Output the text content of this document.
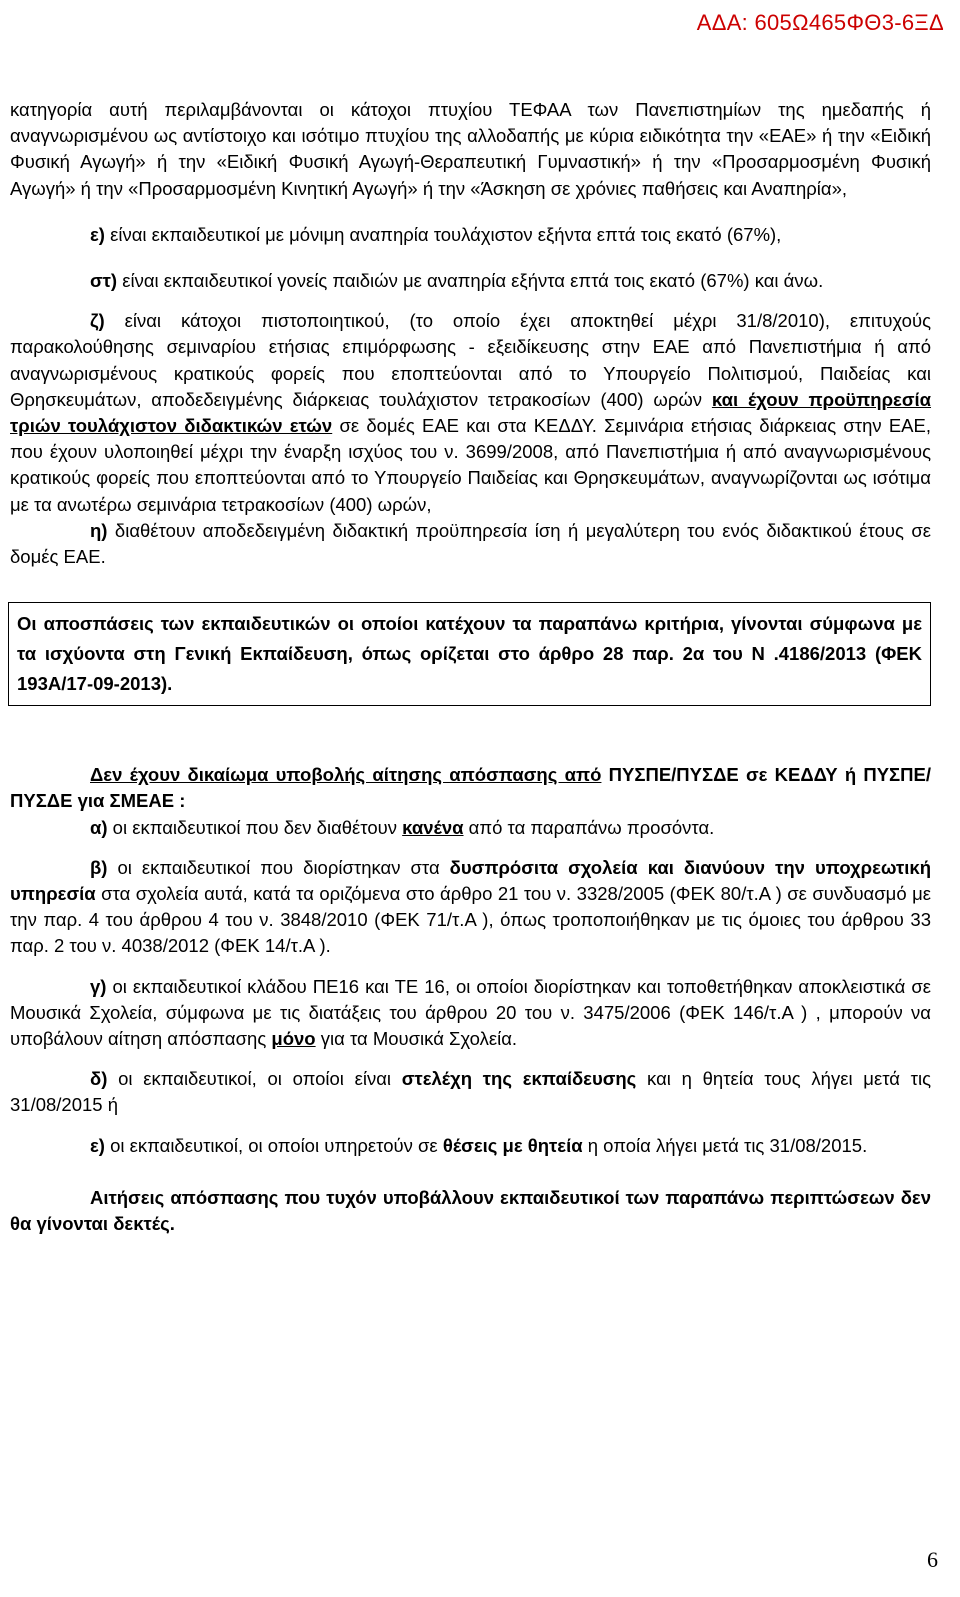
ΑΔΑ: 605Ω465ΦΘ3-6ΞΔ

κατηγορία αυτή περιλαμβάνονται οι κάτοχοι πτυχίου ΤΕΦΑΑ των Πανεπιστημίων της ημεδαπής ή αναγνωρισμένου ως αντίστοιχο και ισότιμο πτυχίου της αλλοδαπής με κύρια ειδικότητα την «ΕΑΕ» ή την «Ειδική Φυσική Αγωγή» ή την «Ειδική Φυσική Αγωγή-Θεραπευτική Γυμναστική» ή την «Προσαρμοσμένη Φυσική Αγωγή» ή την «Προσαρμοσμένη Κινητική Αγωγή» ή την «Άσκηση σε χρόνιες παθήσεις και Αναπηρία»,

ε) είναι εκπαιδευτικοί με μόνιμη αναπηρία τουλάχιστον εξήντα επτά τοις εκατό (67%),

στ) είναι εκπαιδευτικοί γονείς παιδιών με αναπηρία εξήντα επτά τοις εκατό (67%) και άνω.

ζ) είναι κάτοχοι πιστοποιητικού, (το οποίο έχει αποκτηθεί μέχρι 31/8/2010), επιτυχούς παρακολούθησης σεμιναρίου ετήσιας επιμόρφωσης - εξειδίκευσης στην ΕΑΕ από Πανεπιστήμια ή από αναγνωρισμένους κρατικούς φορείς που εποπτεύονται από το Υπουργείο Πολιτισμού, Παιδείας και Θρησκευμάτων, αποδεδειγμένης διάρκειας τουλάχιστον τετρακοσίων (400) ωρών και έχουν προϋπηρεσία τριών τουλάχιστον διδακτικών ετών σε δομές ΕΑΕ και στα ΚΕΔΔΥ. Σεμινάρια ετήσιας διάρκειας στην ΕΑΕ, που έχουν υλοποιηθεί μέχρι την έναρξη ισχύος του ν. 3699/2008, από Πανεπιστήμια ή από αναγνωρισμένους κρατικούς φορείς που εποπτεύονται από το Υπουργείο Παιδείας και Θρησκευμάτων, αναγνωρίζονται ως ισότιμα με τα ανωτέρω σεμινάρια τετρακοσίων (400) ωρών,

η) διαθέτουν αποδεδειγμένη διδακτική προϋπηρεσία ίση ή μεγαλύτερη του ενός διδακτικού έτους σε δομές ΕΑΕ.

Οι αποσπάσεις των εκπαιδευτικών οι οποίοι κατέχουν τα παραπάνω κριτήρια, γίνονται σύμφωνα με τα ισχύοντα στη Γενική Εκπαίδευση, όπως ορίζεται στο άρθρο 28 παρ. 2α του Ν .4186/2013 (ΦΕΚ 193Α/17-09-2013).

Δεν έχουν δικαίωμα υποβολής αίτησης απόσπασης από ΠΥΣΠΕ/ΠΥΣΔΕ σε ΚΕΔΔΥ ή ΠΥΣΠΕ/ΠΥΣΔΕ για ΣΜΕΑΕ :

α) οι εκπαιδευτικοί που δεν διαθέτουν κανένα από τα παραπάνω προσόντα.

β) οι εκπαιδευτικοί που διορίστηκαν στα δυσπρόσιτα σχολεία και διανύουν την υποχρεωτική υπηρεσία στα σχολεία αυτά, κατά τα οριζόμενα στο άρθρο 21 του ν. 3328/2005 (ΦΕΚ 80/τ.Α ) σε συνδυασμό με την παρ. 4 του άρθρου 4 του ν. 3848/2010 (ΦΕΚ 71/τ.Α ), όπως τροποποιήθηκαν με τις όμοιες του άρθρου 33 παρ. 2 του ν. 4038/2012 (ΦΕΚ 14/τ.Α ).

γ) οι εκπαιδευτικοί κλάδου ΠΕ16 και ΤΕ 16, οι οποίοι διορίστηκαν και τοποθετήθηκαν αποκλειστικά σε Μουσικά Σχολεία, σύμφωνα με τις διατάξεις του άρθρου 20 του ν. 3475/2006 (ΦΕΚ 146/τ.Α ) , μπορούν να υποβάλουν αίτηση απόσπασης μόνο για τα Μουσικά Σχολεία.

δ) οι εκπαιδευτικοί, οι οποίοι είναι στελέχη της εκπαίδευσης και η θητεία τους λήγει μετά τις 31/08/2015 ή

ε) οι εκπαιδευτικοί, οι οποίοι υπηρετούν σε θέσεις με θητεία η οποία λήγει μετά τις 31/08/2015.

Αιτήσεις απόσπασης που τυχόν υποβάλλουν εκπαιδευτικοί των παραπάνω περιπτώσεων δεν θα γίνονται δεκτές.

6
